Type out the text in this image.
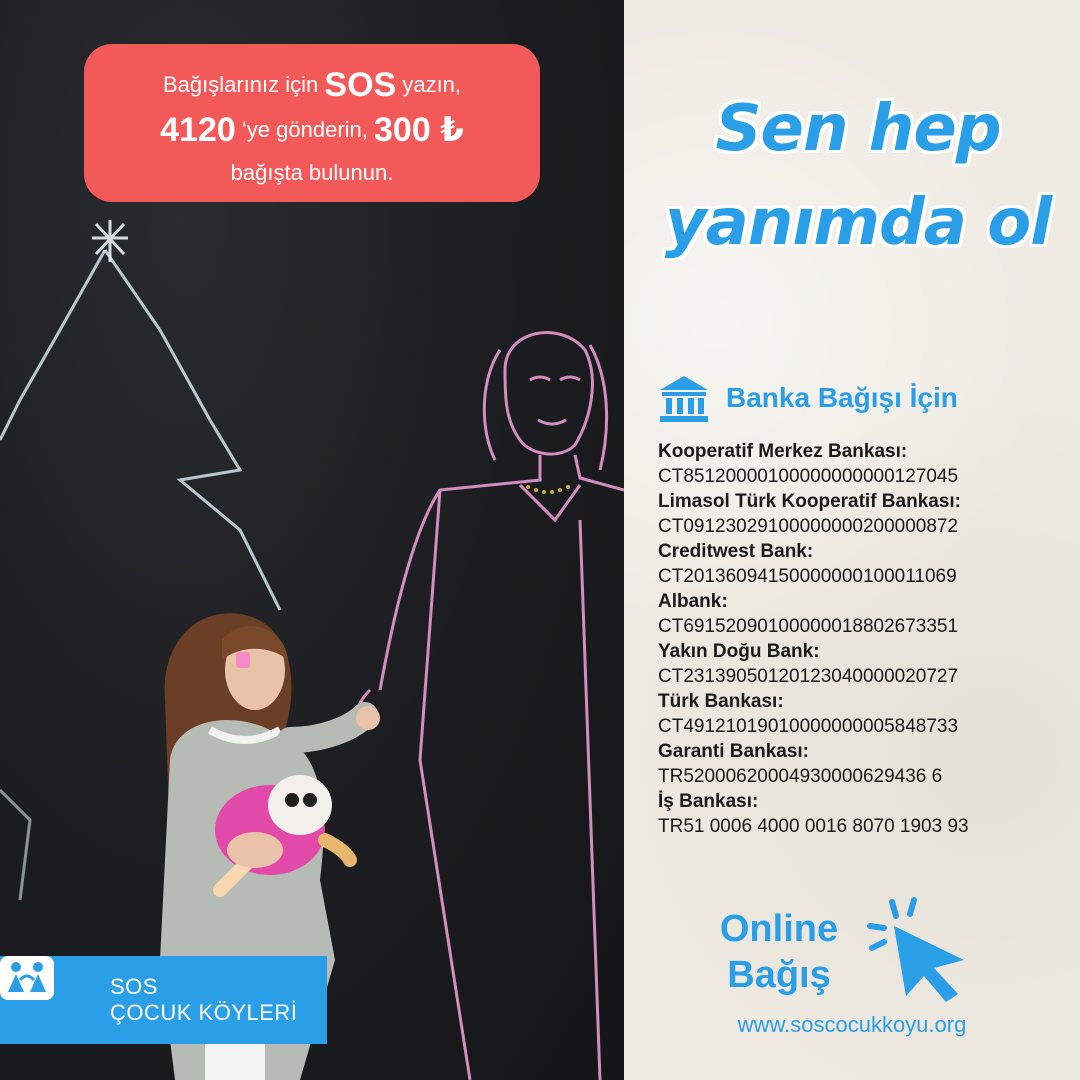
Bağışlarınız için SOS yazın,
4120 ‘ye gönderin, 300 ₺
bağışta bulunun.
SOS
ÇOCUK KÖYLERİ
Sen hep
yanımda ol
Banka Bağışı İçin
Kooperatif Merkez Bankası:
CT85120000100000000000127045
Limasol Türk Kooperatif Bankası:
CT09123029100000000200000872
Creditwest Bank:
CT20136094150000000100011069
Albank:
CT69152090100000018802673351
Yakın Doğu Bank:
CT23139050120123040000020727
Türk Bankası:
CT49121019010000000005848733
Garanti Bankası:
TR52000620004930000629436 6
İş Bankası:
TR51 0006 4000 0016 8070 1903 93
Online
Bağış
www.soscocukkoyu.org
